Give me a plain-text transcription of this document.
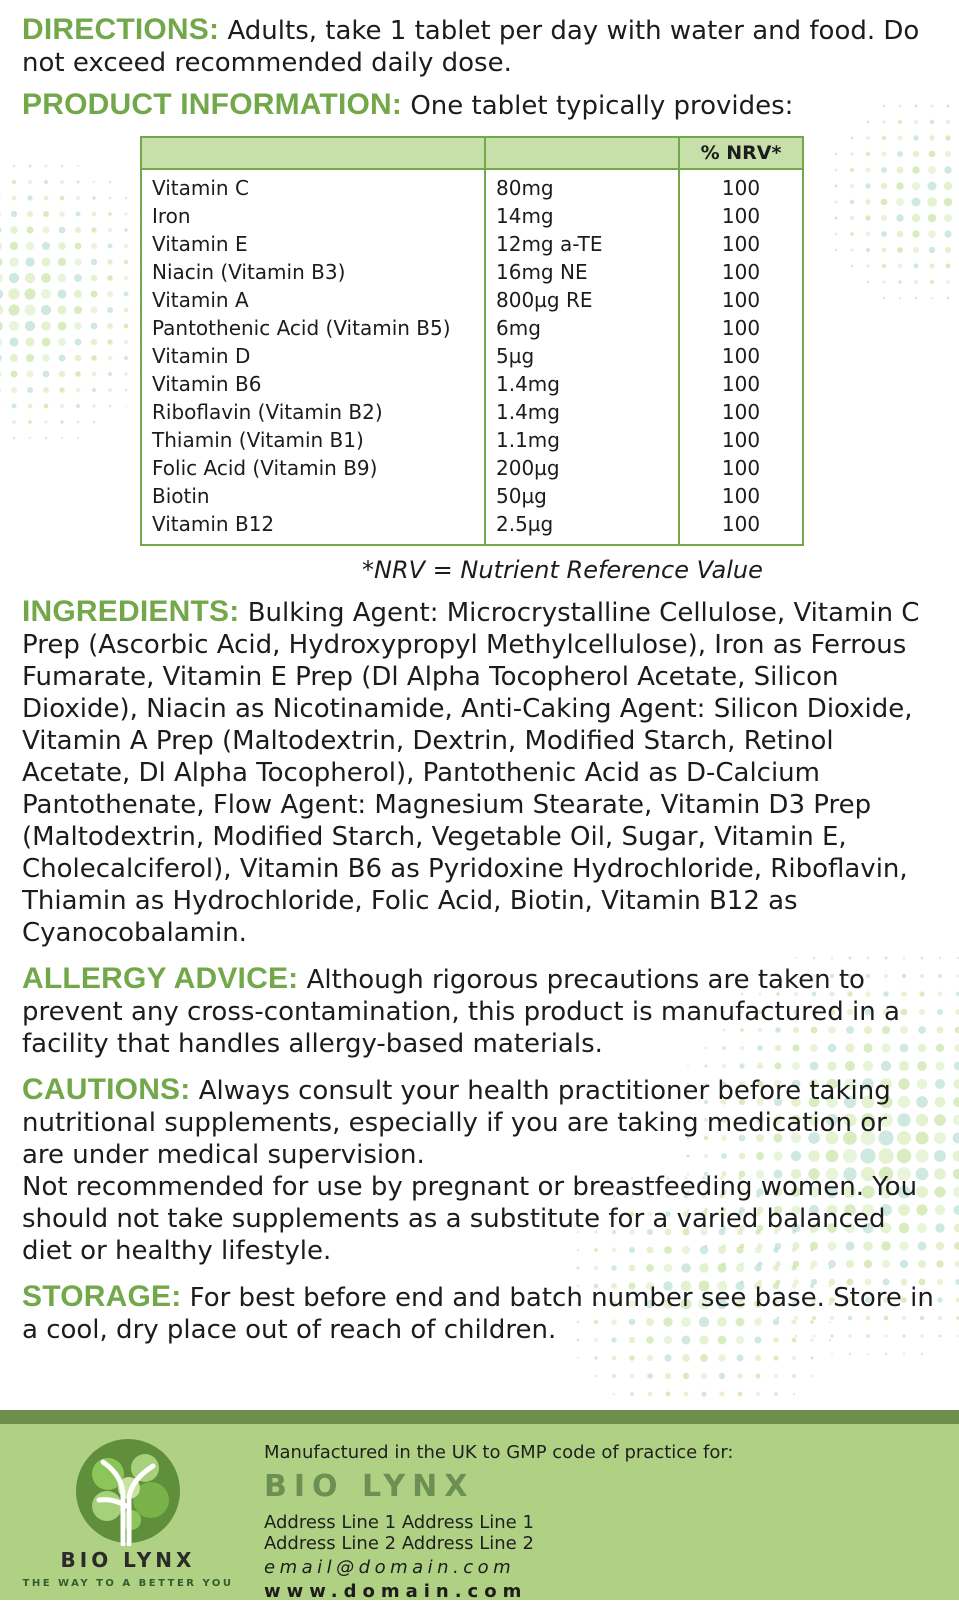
DIRECTIONS: Adults, take 1 tablet per day with water and food. Do not exceed recommended daily dose.

PRODUCT INFORMATION: One tablet typically provides:

		% NRV*
Vitamin C	80mg	100
Iron	14mg	100
Vitamin E	12mg a-TE	100
Niacin (Vitamin B3)	16mg NE	100
Vitamin A	800µg RE	100
Pantothenic Acid (Vitamin B5)	6mg	100
Vitamin D	5µg	100
Vitamin B6	1.4mg	100
Riboflavin (Vitamin B2)	1.4mg	100
Thiamin (Vitamin B1)	1.1mg	100
Folic Acid (Vitamin B9)	200µg	100
Biotin	50µg	100
Vitamin B12	2.5µg	100

*NRV = Nutrient Reference Value

INGREDIENTS: Bulking Agent: Microcrystalline Cellulose, Vitamin C Prep (Ascorbic Acid, Hydroxypropyl Methylcellulose), Iron as Ferrous Fumarate, Vitamin E Prep (Dl Alpha Tocopherol Acetate, Silicon Dioxide), Niacin as Nicotinamide, Anti-Caking Agent: Silicon Dioxide, Vitamin A Prep (Maltodextrin, Dextrin, Modified Starch, Retinol Acetate, Dl Alpha Tocopherol), Pantothenic Acid as D-Calcium Pantothenate, Flow Agent: Magnesium Stearate, Vitamin D3 Prep (Maltodextrin, Modified Starch, Vegetable Oil, Sugar, Vitamin E, Cholecalciferol), Vitamin B6 as Pyridoxine Hydrochloride, Riboflavin, Thiamin as Hydrochloride, Folic Acid, Biotin, Vitamin B12 as Cyanocobalamin.

ALLERGY ADVICE: Although rigorous precautions are taken to prevent any cross-contamination, this product is manufactured in a facility that handles allergy-based materials.

CAUTIONS: Always consult your health practitioner before taking nutritional supplements, especially if you are taking medication or are under medical supervision.
Not recommended for use by pregnant or breastfeeding women. You should not take supplements as a substitute for a varied balanced diet or healthy lifestyle.

STORAGE: For best before end and batch number see base. Store in a cool, dry place out of reach of children.

BIO LYNX
THE WAY TO A BETTER YOU
Manufactured in the UK to GMP code of practice for:
BIO LYNX
Address Line 1 Address Line 1
Address Line 2 Address Line 2
email@domain.com
www.domain.com
